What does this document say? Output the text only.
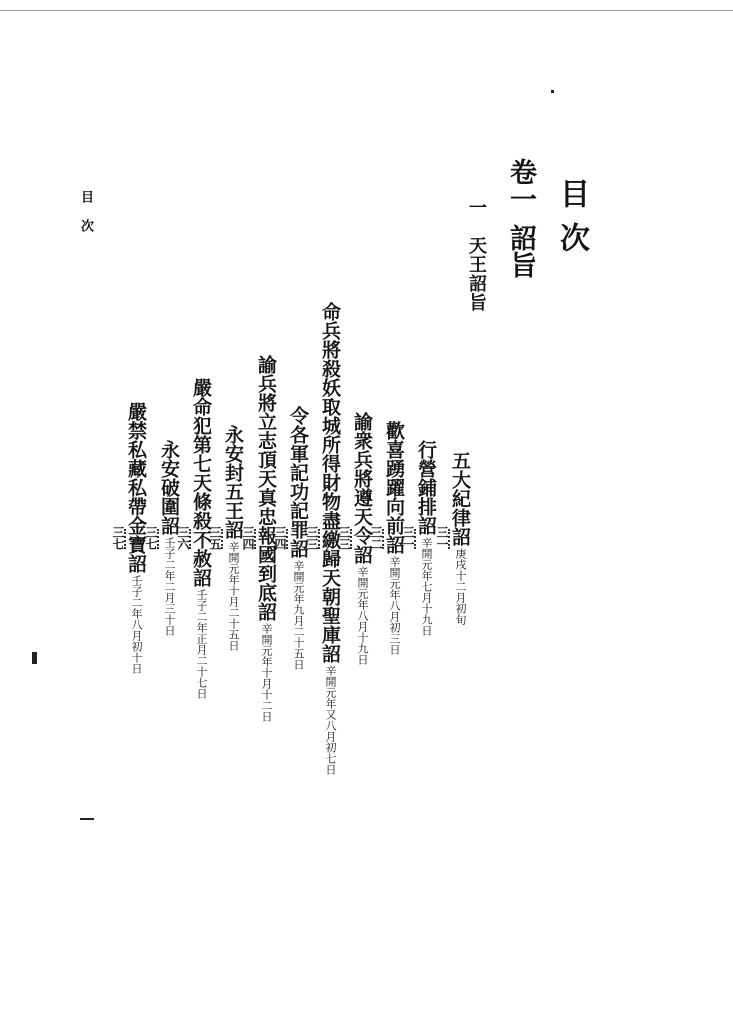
目次
卷一詔旨
一　天王詔旨
五大紀律詔庚戌十二月初旬
三一
行營鋪排詔辛開元年七月十九日
三一
歡喜踴躍向前詔辛開元年八月初三日
三二
諭衆兵將遵天令詔辛開元年八月十九日
三三
命兵將殺妖取城所得財物盡繳歸天朝聖庫詔辛開元年又八月初七日
三三
令各軍記功記罪詔辛開元年九月二十五日
三四
諭兵將立志頂天真忠報國到底詔辛開元年十月十二日
三四
永安封五王詔辛開元年十月二十五日
三五
嚴命犯第七天條殺不赦詔壬子二年正月二十七日
三六
永安破圍詔壬子二年二月三十日
三七
嚴禁私藏私帶金寶詔壬子二年八月初十日
三七
目次
